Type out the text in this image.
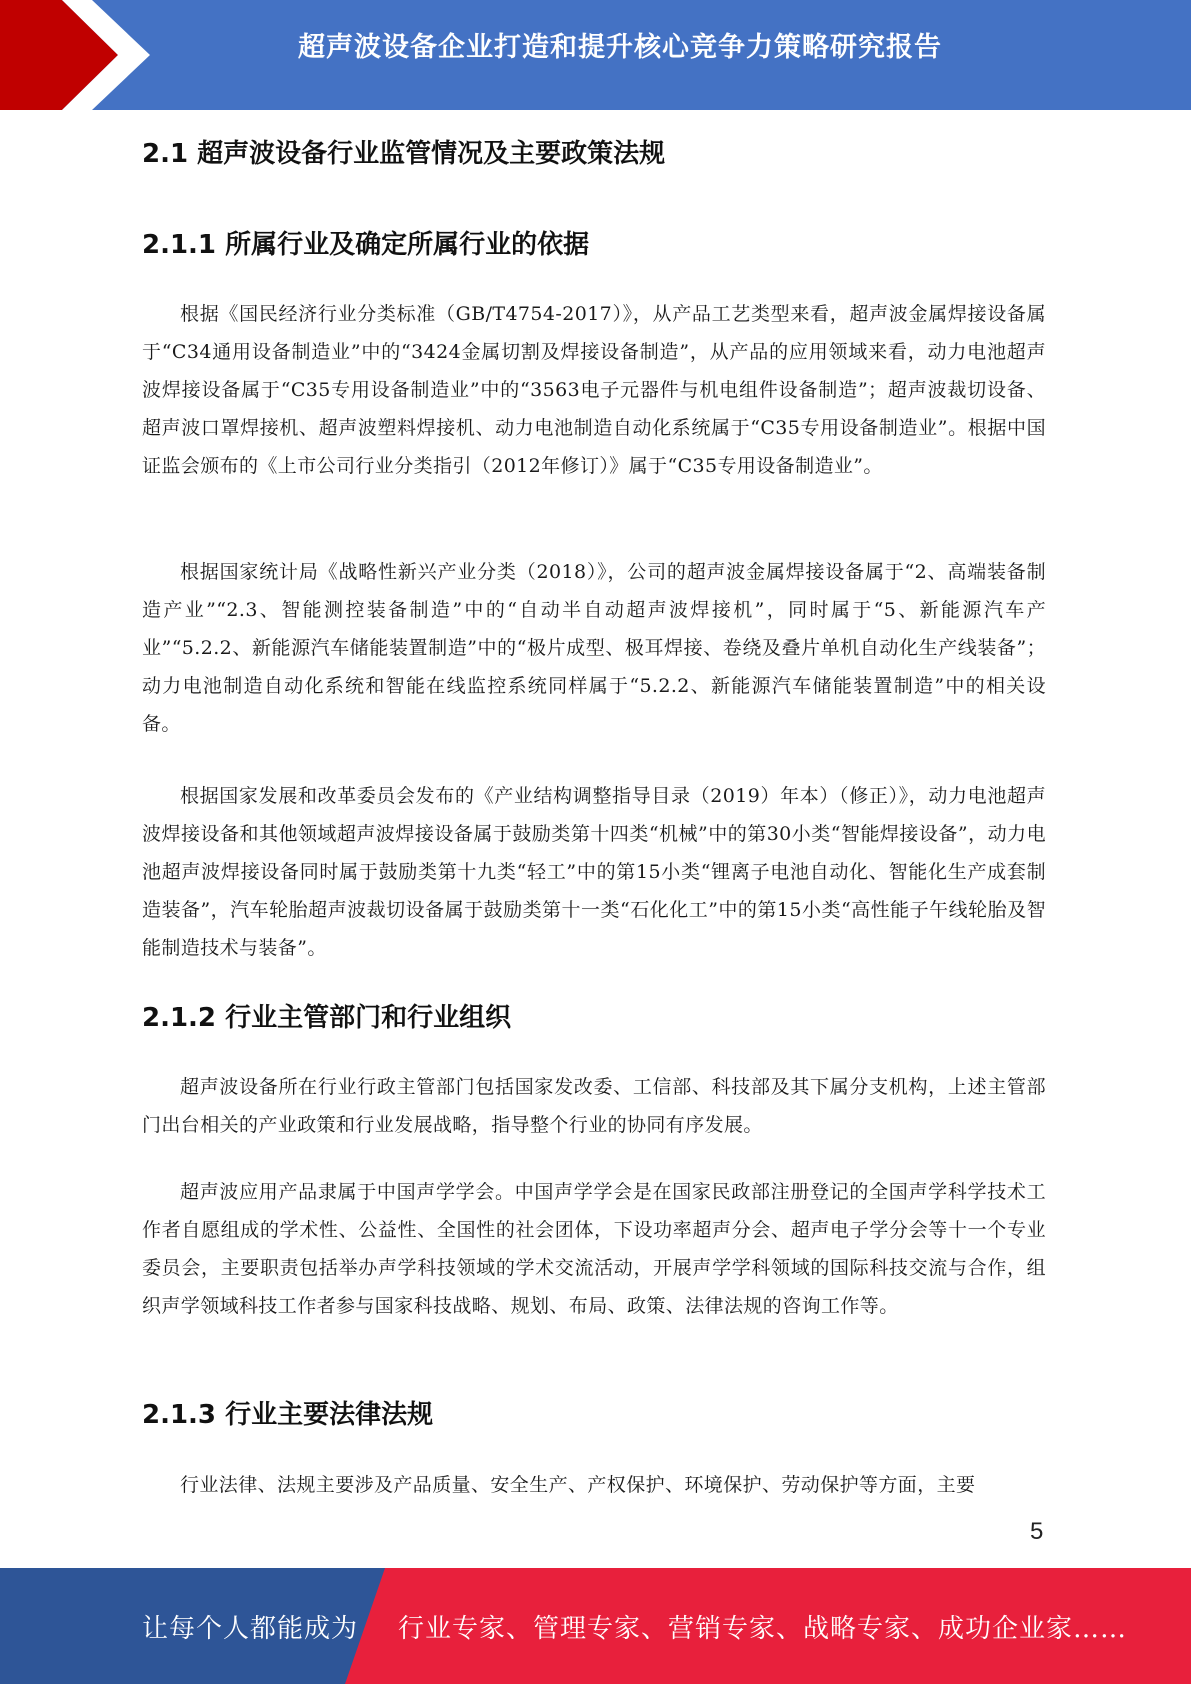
超声波设备企业打造和提升核心竞争力策略研究报告
2.1 超声波设备行业监管情况及主要政策法规
2.1.1 所属行业及确定所属行业的依据

根据《国民经济行业分类标准（GB/T4754-2017）》，从产品工艺类型来看，超声波金属焊接设备属于“C34通用设备制造业”中的“3424金属切割及焊接设备制造”，从产品的应用领域来看，动力电池超声波焊接设备属于“C35专用设备制造业”中的“3563电子元器件与机电组件设备制造”；超声波裁切设备、超声波口罩焊接机、超声波塑料焊接机、动力电池制造自动化系统属于“C35专用设备制造业”。根据中国证监会颁布的《上市公司行业分类指引（2012年修订）》属于“C35专用设备制造业”。

根据国家统计局《战略性新兴产业分类（2018）》，公司的超声波金属焊接设备属于“2、高端装备制造产业”“2.3、智能测控装备制造”中的“自动半自动超声波焊接机”，同时属于“5、新能源汽车产业”“5.2.2、新能源汽车储能装置制造”中的“极片成型、极耳焊接、卷绕及叠片单机自动化生产线装备”；动力电池制造自动化系统和智能在线监控系统同样属于“5.2.2、新能源汽车储能装置制造”中的相关设备。

根据国家发展和改革委员会发布的《产业结构调整指导目录（2019）年本）（修正）》，动力电池超声波焊接设备和其他领域超声波焊接设备属于鼓励类第十四类“机械”中的第30小类“智能焊接设备”，动力电池超声波焊接设备同时属于鼓励类第十九类“轻工”中的第15小类“锂离子电池自动化、智能化生产成套制造装备”，汽车轮胎超声波裁切设备属于鼓励类第十一类“石化化工”中的第15小类“高性能子午线轮胎及智能制造技术与装备”。

2.1.2 行业主管部门和行业组织

超声波设备所在行业行政主管部门包括国家发改委、工信部、科技部及其下属分支机构，上述主管部门出台相关的产业政策和行业发展战略，指导整个行业的协同有序发展。

超声波应用产品隶属于中国声学学会。中国声学学会是在国家民政部注册登记的全国声学科学技术工作者自愿组成的学术性、公益性、全国性的社会团体，下设功率超声分会、超声电子学分会等十一个专业委员会，主要职责包括举办声学科技领域的学术交流活动，开展声学学科领域的国际科技交流与合作，组织声学领域科技工作者参与国家科技战略、规划、布局、政策、法律法规的咨询工作等。

2.1.3 行业主要法律法规

行业法律、法规主要涉及产品质量、安全生产、产权保护、环境保护、劳动保护等方面，主要

5
让每个人都能成为 行业专家、管理专家、营销专家、战略专家、成功企业家……
